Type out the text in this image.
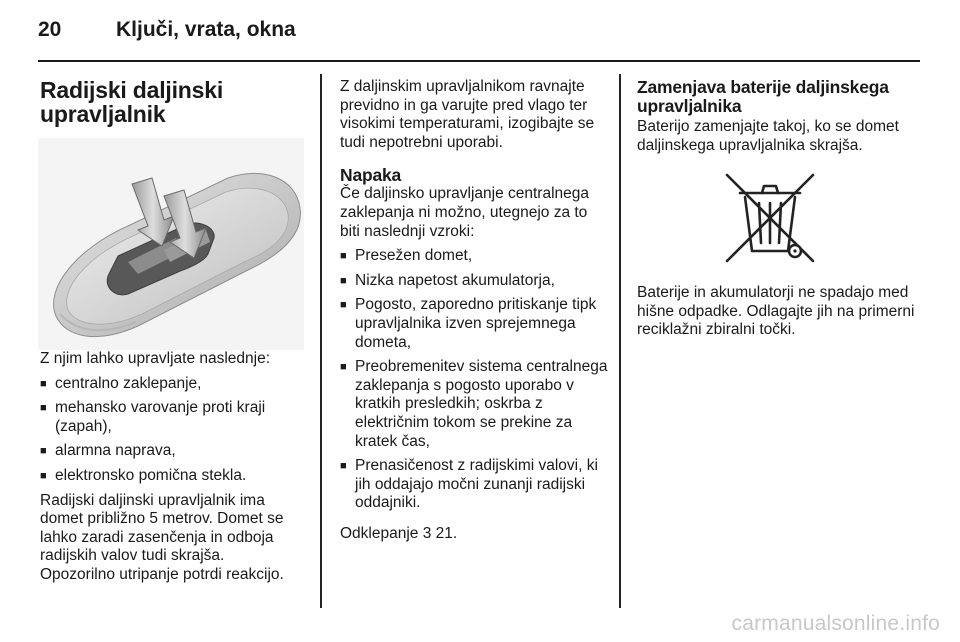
20	Ključi, vrata, okna
Radijski daljinski upravljalnik

Z njim lahko upravljate naslednje:

■ centralno zaklepanje,
■ mehansko varovanje proti kraji (zapah),
■ alarmna naprava,
■ elektronsko pomična stekla.

Radijski daljinski upravljalnik ima domet približno 5 metrov. Domet se lahko zaradi zasenčenja in odboja radijskih valov tudi skrajša.

Opozorilno utripanje potrdi reakcijo.

Z daljinskim upravljalnikom ravnajte previdno in ga varujte pred vlago ter visokimi temperaturami, izogibajte se tudi nepotrebni uporabi.

Napaka

Če daljinsko upravljanje centralnega zaklepanja ni možno, utegnejo za to biti naslednji vzroki:

■ Presežen domet,
■ Nizka napetost akumulatorja,
■ Pogosto, zaporedno pritiskanje tipk upravljalnika izven sprejemnega dometa,
■ Preobremenitev sistema centralnega zaklepanja s pogosto uporabo v kratkih presledkih; oskrba z električnim tokom se prekine za kratek čas,
■ Prenasičenost z radijskimi valovi, ki jih oddajajo močni zunanji radijski oddajniki.

Odklepanje 3 21.

Zamenjava baterije daljinskega upravljalnika

Baterijo zamenjajte takoj, ko se domet daljinskega upravljalnika skrajša.

Baterije in akumulatorji ne spadajo med hišne odpadke. Odlagajte jih na primerni reciklažni zbiralni točki.

carmanualsonline.info
